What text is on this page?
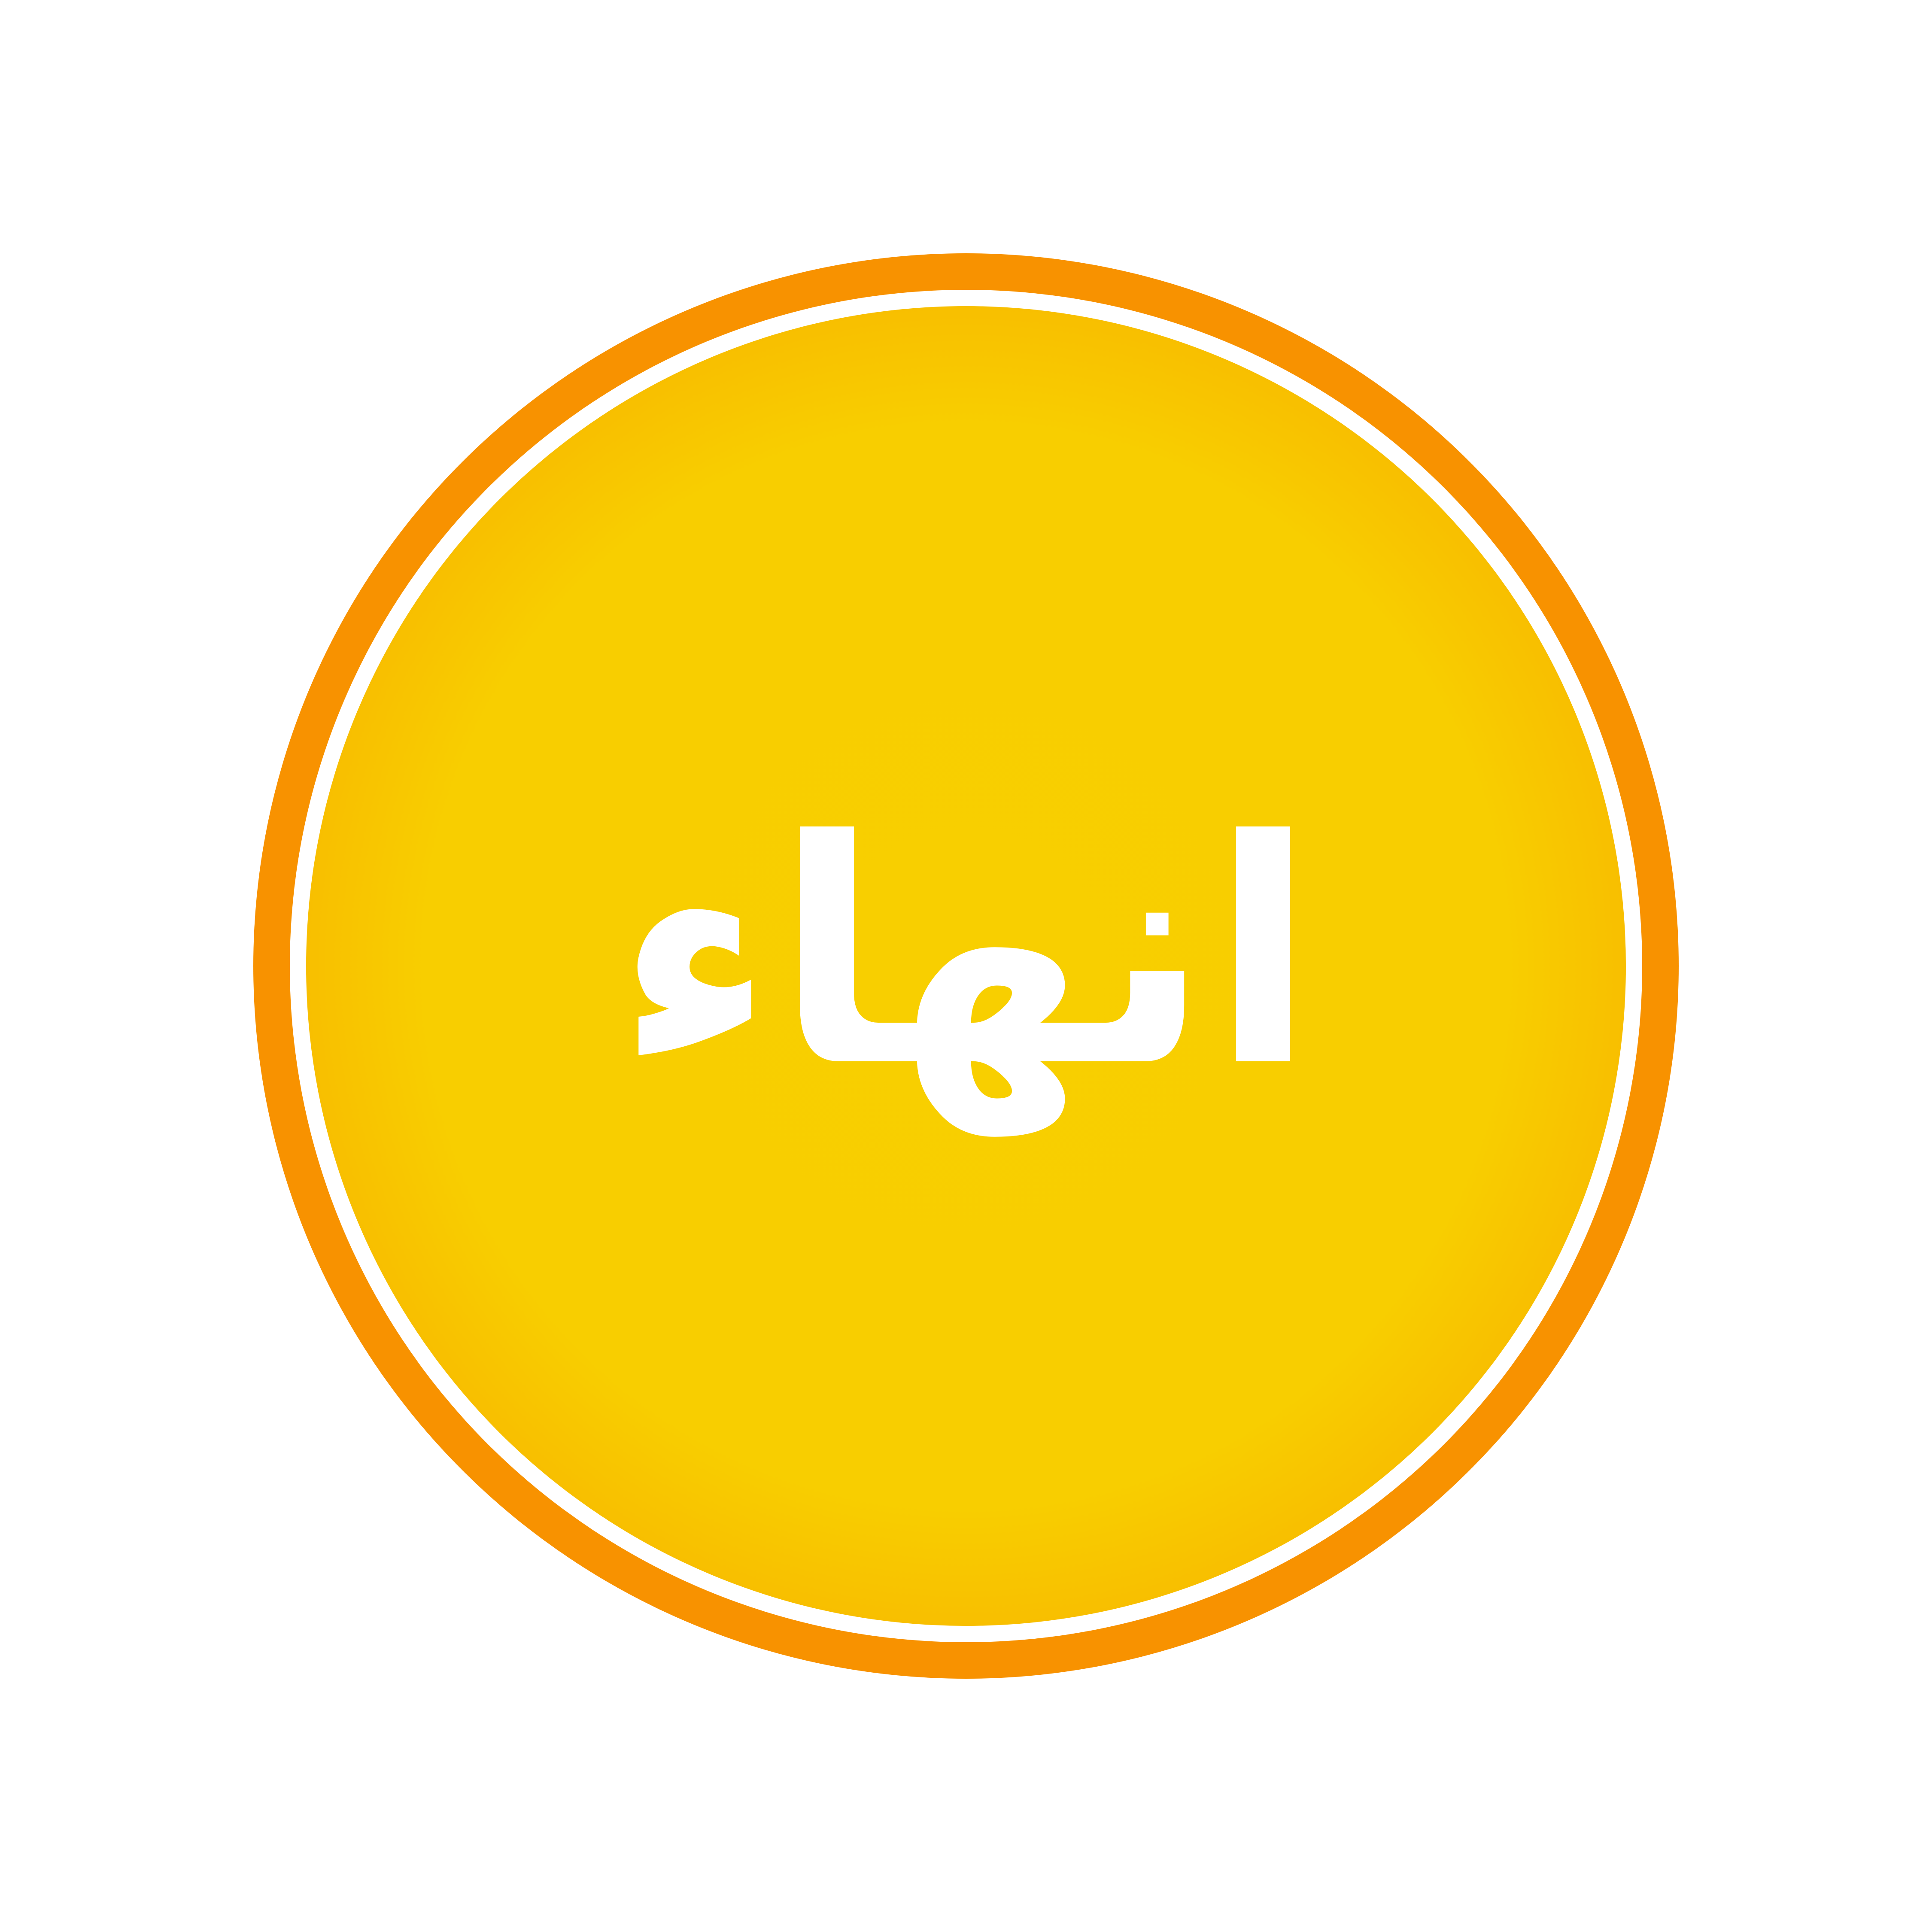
انهاء
